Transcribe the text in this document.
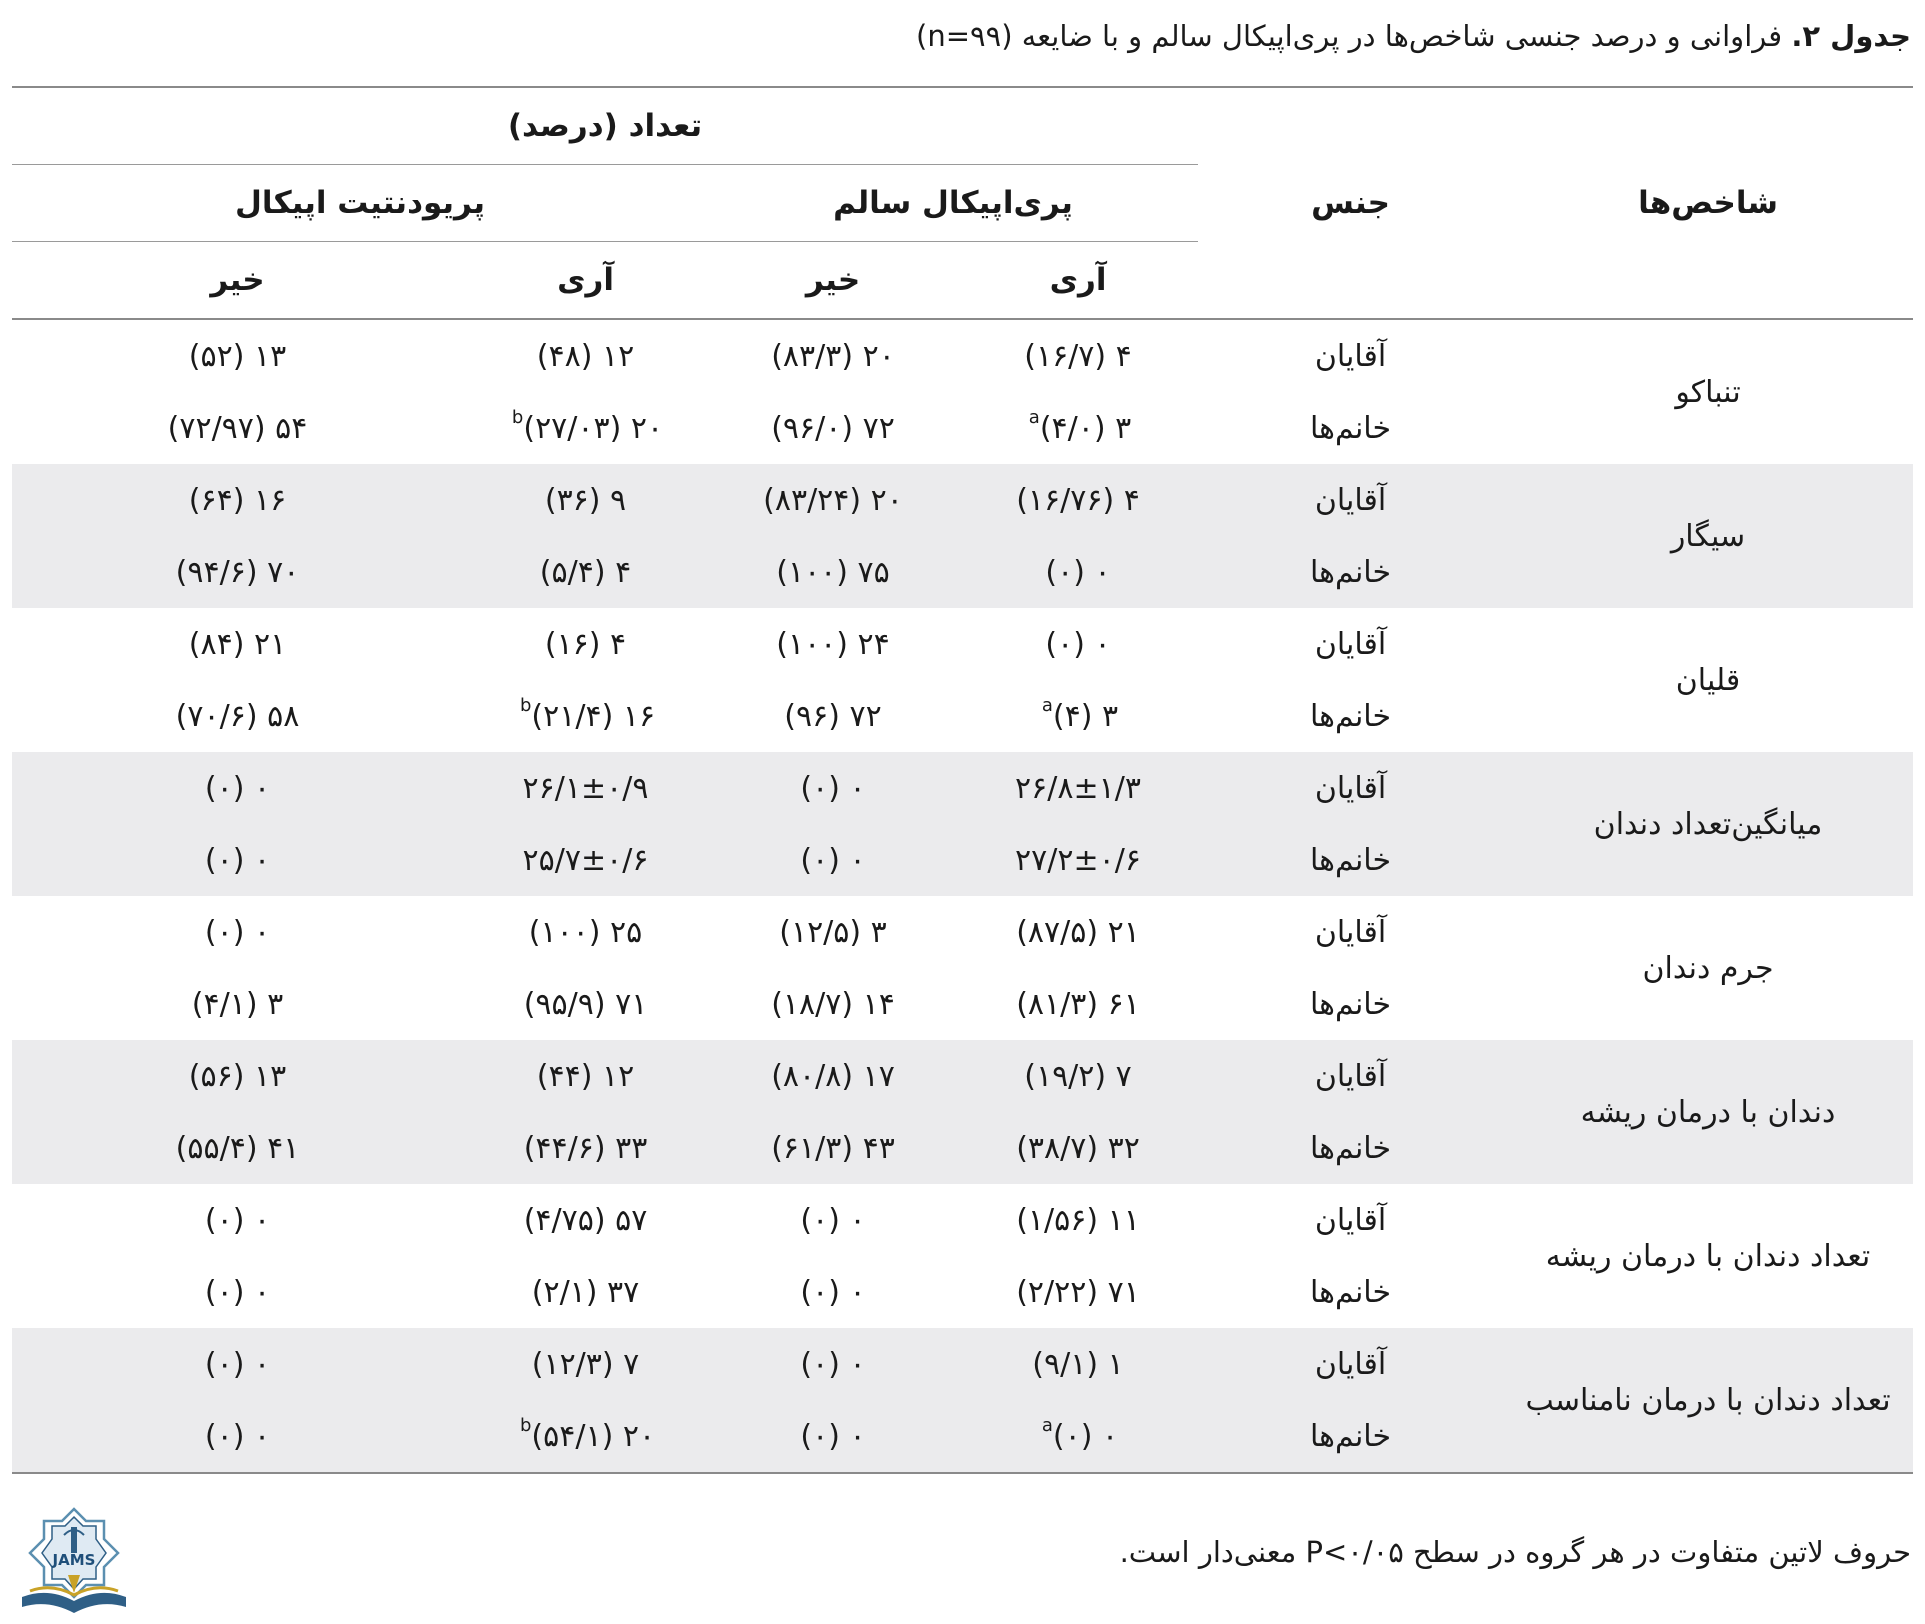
جدول ۲. فراوانی و درصد جنسی شاخص‌ها در پری‌اپیکال سالم و با ضایعه (n=۹۹)
شاخص‌ها	جنس	تعداد (درصد)			
		پری‌اپیکال سالم		پریودنتیت اپیکال	
		آری	خیر	آری	خیر
تنباکو	آقایان	۴ (۱۶/۷)	۲۰ (۸۳/۳)	۱۲ (۴۸)	۱۳ (۵۲)
	خانم‌ها	۳ (۴/۰)$^a$	۷۲ (۹۶/۰)	۲۰ (۲۷/۰۳)$^b$	۵۴ (۷۲/۹۷)
سیگار	آقایان	۴ (۱۶/۷۶)	۲۰ (۸۳/۲۴)	۹ (۳۶)	۱۶ (۶۴)
	خانم‌ها	۰ (۰)	۷۵ (۱۰۰)	۴ (۵/۴)	۷۰ (۹۴/۶)
قلیان	آقایان	۰ (۰)	۲۴ (۱۰۰)	۴ (۱۶)	۲۱ (۸۴)
	خانم‌ها	۳ (۴)$^a$	۷۲ (۹۶)	۱۶ (۲۱/۴)$^b$	۵۸ (۷۰/۶)
میانگین‌تعداد دندان	آقایان	۲۶/۸±۱/۳	۰ (۰)	۲۶/۱±۰/۹	۰ (۰)
	خانم‌ها	۲۷/۲±۰/۶	۰ (۰)	۲۵/۷±۰/۶	۰ (۰)
جرم دندان	آقایان	۲۱ (۸۷/۵)	۳ (۱۲/۵)	۲۵ (۱۰۰)	۰ (۰)
	خانم‌ها	۶۱ (۸۱/۳)	۱۴ (۱۸/۷)	۷۱ (۹۵/۹)	۳ (۴/۱)
دندان با درمان ریشه	آقایان	۷ (۱۹/۲)	۱۷ (۸۰/۸)	۱۲ (۴۴)	۱۳ (۵۶)
	خانم‌ها	۳۲ (۳۸/۷)	۴۳ (۶۱/۳)	۳۳ (۴۴/۶)	۴۱ (۵۵/۴)
تعداد دندان با درمان ریشه	آقایان	۱۱ (۱/۵۶)	۰ (۰)	۵۷ (۴/۷۵)	۰ (۰)
	خانم‌ها	۷۱ (۲/۲۲)	۰ (۰)	۳۷ (۲/۱)	۰ (۰)
تعداد دندان با درمان نامناسب	آقایان	۱ (۹/۱)	۰ (۰)	۷ (۱۲/۳)	۰ (۰)
	خانم‌ها	۰ (۰)$^a$	۰ (۰)	۲۰ (۵۴/۱)$^b$	۰ (۰)
حروف لاتین متفاوت در هر گروه در سطح P<۰/۰۵ معنی‌دار است.
JAMS
